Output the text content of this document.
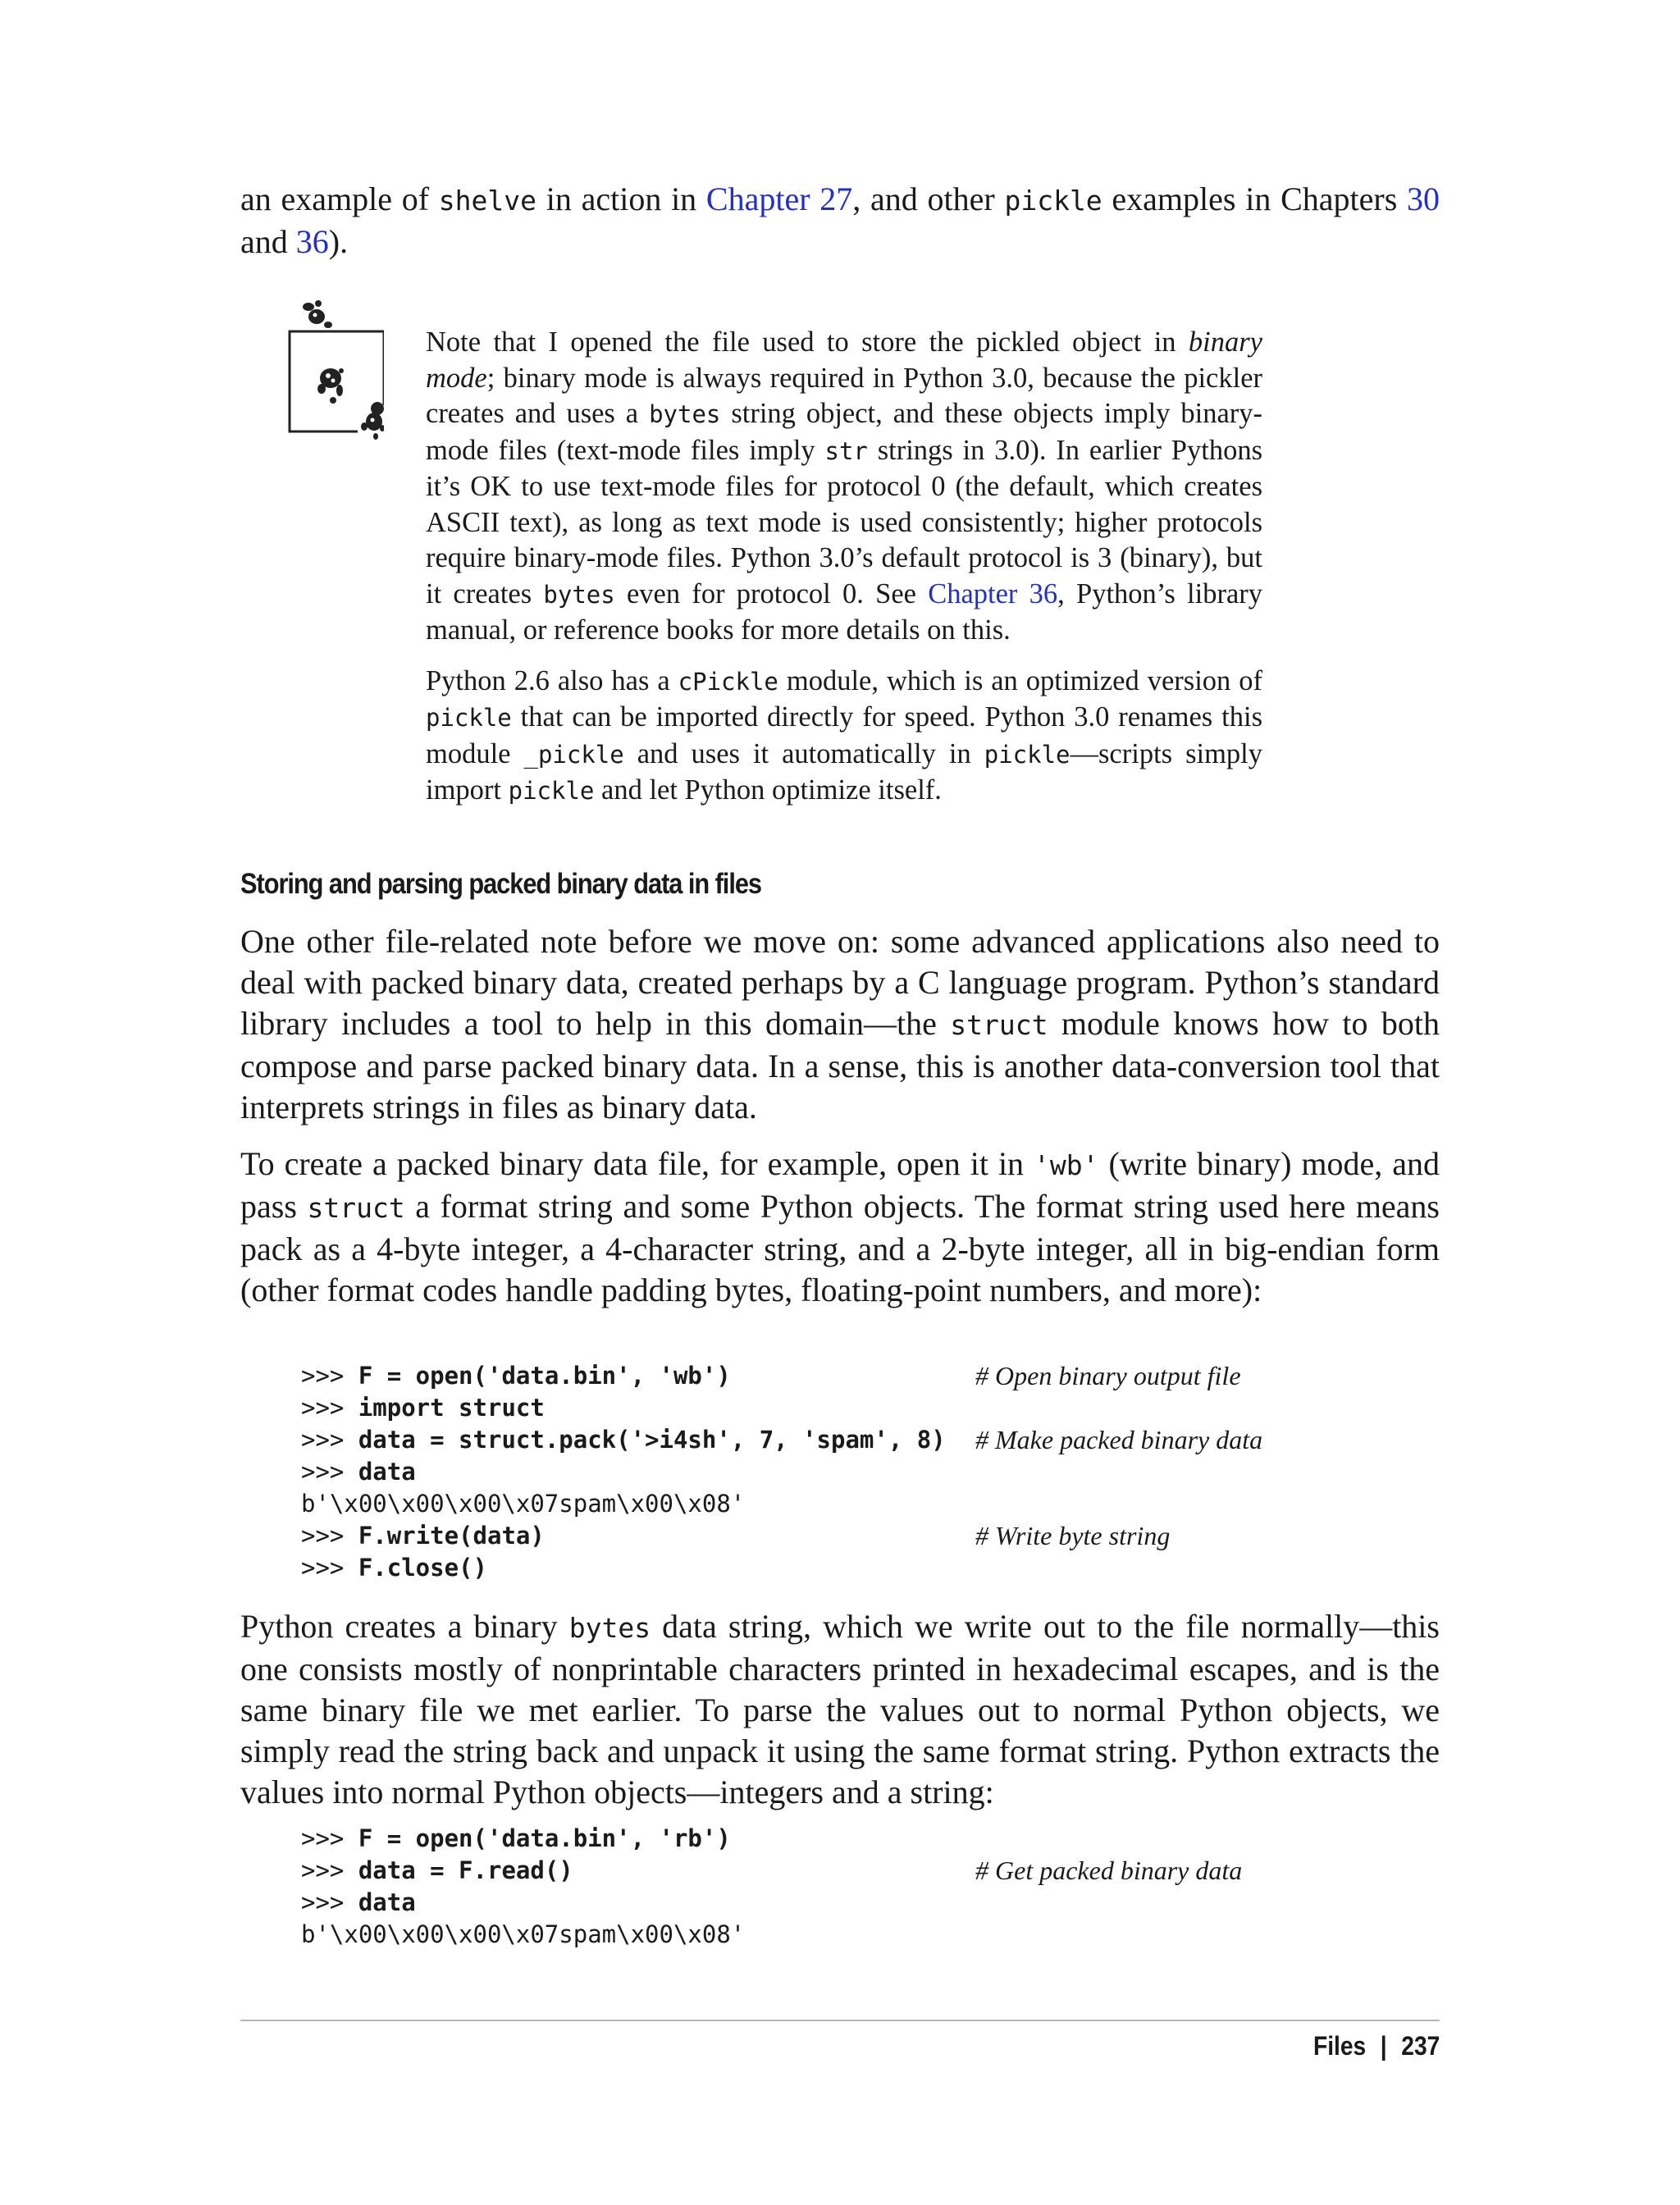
an example of shelve in action in Chapter 27, and other pickle examples in Chapters 30 and 36).

Note that I opened the file used to store the pickled object in binary mode; binary mode is always required in Python 3.0, because the pickler creates and uses a bytes string object, and these objects imply binary-mode files (text-mode files imply str strings in 3.0). In earlier Pythons it’s OK to use text-mode files for protocol 0 (the default, which creates ASCII text), as long as text mode is used consistently; higher protocols require binary-mode files. Python 3.0’s default protocol is 3 (binary), but it creates bytes even for protocol 0. See Chapter 36, Python’s library manual, or reference books for more details on this.

Python 2.6 also has a cPickle module, which is an optimized version of pickle that can be imported directly for speed. Python 3.0 renames this module _pickle and uses it automatically in pickle—scripts simply import pickle and let Python optimize itself.

Storing and parsing packed binary data in files

One other file-related note before we move on: some advanced applications also need to deal with packed binary data, created perhaps by a C language program. Python’s standard library includes a tool to help in this domain—the struct module knows how to both compose and parse packed binary data. In a sense, this is another data-conversion tool that interprets strings in files as binary data.

To create a packed binary data file, for example, open it in 'wb' (write binary) mode, and pass struct a format string and some Python objects. The format string used here means pack as a 4-byte integer, a 4-character string, and a 2-byte integer, all in big-endian form (other format codes handle padding bytes, floating-point numbers, and more):

>>> F = open('data.bin', 'wb')	# Open binary output file
>>> import struct
>>> data = struct.pack('>i4sh', 7, 'spam', 8) # Make packed binary data
>>> data
b'\x00\x00\x00\x07spam\x00\x08'
>>> F.write(data)	# Write byte string
>>> F.close()

Python creates a binary bytes data string, which we write out to the file normally—this one consists mostly of nonprintable characters printed in hexadecimal escapes, and is the same binary file we met earlier. To parse the values out to normal Python objects, we simply read the string back and unpack it using the same format string. Python extracts the values into normal Python objects—integers and a string:

>>> F = open('data.bin', 'rb')
>>> data = F.read()	# Get packed binary data
>>> data
b'\x00\x00\x00\x07spam\x00\x08'
Files | 237
